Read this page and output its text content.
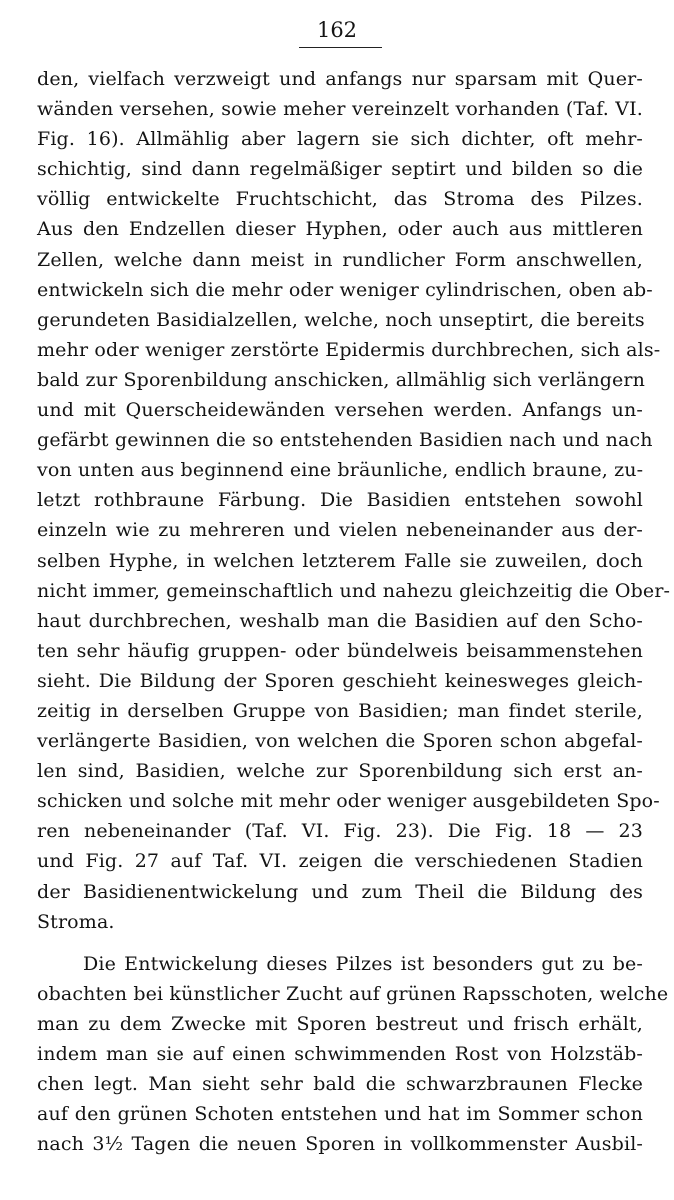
162
den, vielfach verzweigt und anfangs nur sparsam mit Quer-
wänden versehen, sowie meher vereinzelt vorhanden (Taf. VI.
Fig. 16). Allmählig aber lagern sie sich dichter, oft mehr-
schichtig, sind dann regelmäßiger septirt und bilden so die
völlig entwickelte Fruchtschicht, das Stroma des Pilzes.
Aus den Endzellen dieser Hyphen, oder auch aus mittleren
Zellen, welche dann meist in rundlicher Form anschwellen,
entwickeln sich die mehr oder weniger cylindrischen, oben ab-
gerundeten Basidialzellen, welche, noch unseptirt, die bereits
mehr oder weniger zerstörte Epidermis durchbrechen, sich als-
bald zur Sporenbildung anschicken, allmählig sich verlängern
und mit Querscheidewänden versehen werden. Anfangs un-
gefärbt gewinnen die so entstehenden Basidien nach und nach
von unten aus beginnend eine bräunliche, endlich braune, zu-
letzt rothbraune Färbung. Die Basidien entstehen sowohl
einzeln wie zu mehreren und vielen nebeneinander aus der-
selben Hyphe, in welchen letzterem Falle sie zuweilen, doch
nicht immer, gemeinschaftlich und nahezu gleichzeitig die Ober-
haut durchbrechen, weshalb man die Basidien auf den Scho-
ten sehr häufig gruppen- oder bündelweis beisammenstehen
sieht. Die Bildung der Sporen geschieht keinesweges gleich-
zeitig in derselben Gruppe von Basidien; man findet sterile,
verlängerte Basidien, von welchen die Sporen schon abgefal-
len sind, Basidien, welche zur Sporenbildung sich erst an-
schicken und solche mit mehr oder weniger ausgebildeten Spo-
ren nebeneinander (Taf. VI. Fig. 23). Die Fig. 18 — 23
und Fig. 27 auf Taf. VI. zeigen die verschiedenen Stadien
der Basidienentwickelung und zum Theil die Bildung des
Stroma.
Die Entwickelung dieses Pilzes ist besonders gut zu be-
obachten bei künstlicher Zucht auf grünen Rapsschoten, welche
man zu dem Zwecke mit Sporen bestreut und frisch erhält,
indem man sie auf einen schwimmenden Rost von Holzstäb-
chen legt. Man sieht sehr bald die schwarzbraunen Flecke
auf den grünen Schoten entstehen und hat im Sommer schon
nach 3½ Tagen die neuen Sporen in vollkommenster Ausbil-
